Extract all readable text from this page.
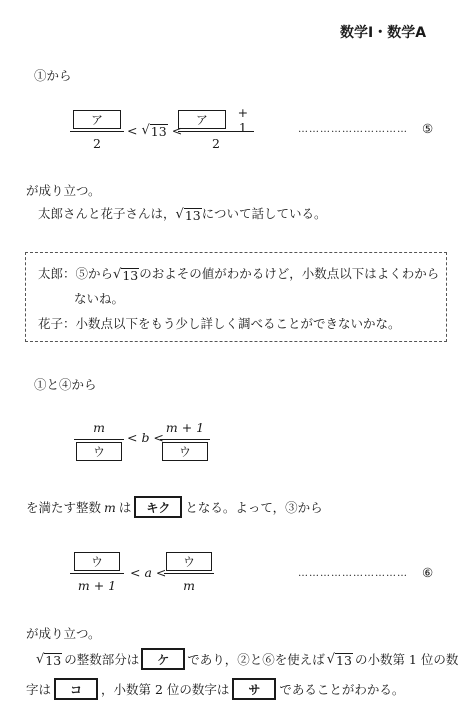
数学Ⅰ・数学A
①から
ア
2
< √ 13 <
ア
+ 1
2
………………………… ⑤
が成り立つ。
太郎さんと花子さんは， √ 13 について話している。
太郎： ⑤から √ 13 のおよその値がわかるけど，小数点以下はよくわから
ないね。
花子： 小数点以下をもう少し詳しく調べることができないかな。
①と④から
m
ウ
< b <
m + 1
ウ
を満たす整数 m は	キク	となる。よって，③から
ウ
m + 1
< a <
ウ
m
………………………… ⑥
が成り立つ。
√ 13 の整数部分は	ケ	であり，②と⑥を使えば √ 13 の小数第 1 位の数
字は	コ	，小数第 2 位の数字は	サ	であることがわかる。
